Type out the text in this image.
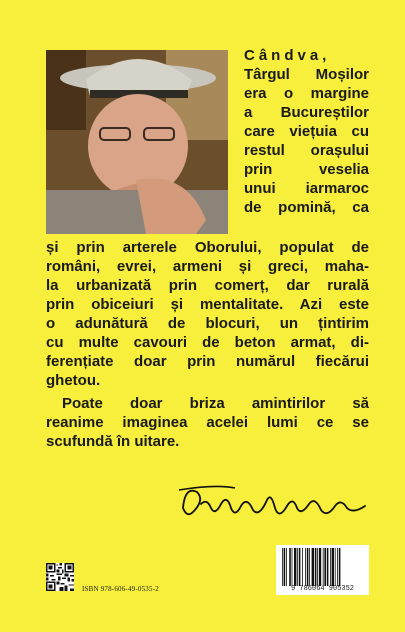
Cândva,
Târgul Moșilor
era o margine
a Bucureștilor
care viețuia cu
restul orașului
prin veselia
unui iarmaroc
de pomină, ca
și prin arterele Oborului, populat de
români, evrei, armeni și greci, maha-
la urbanizată prin comerț, dar rurală
prin obiceiuri și mentalitate. Azi este
o adunătură de blocuri, un țintirim
cu multe cavouri de beton armat, di-
ferențiate doar prin numărul fiecărui
ghetou.
Poate doar briza amintirilor să
reanime imaginea acelei lumi ce se
scufundă în uitare.
ISBN 978-606-49-0535-2	9 786064 905352
